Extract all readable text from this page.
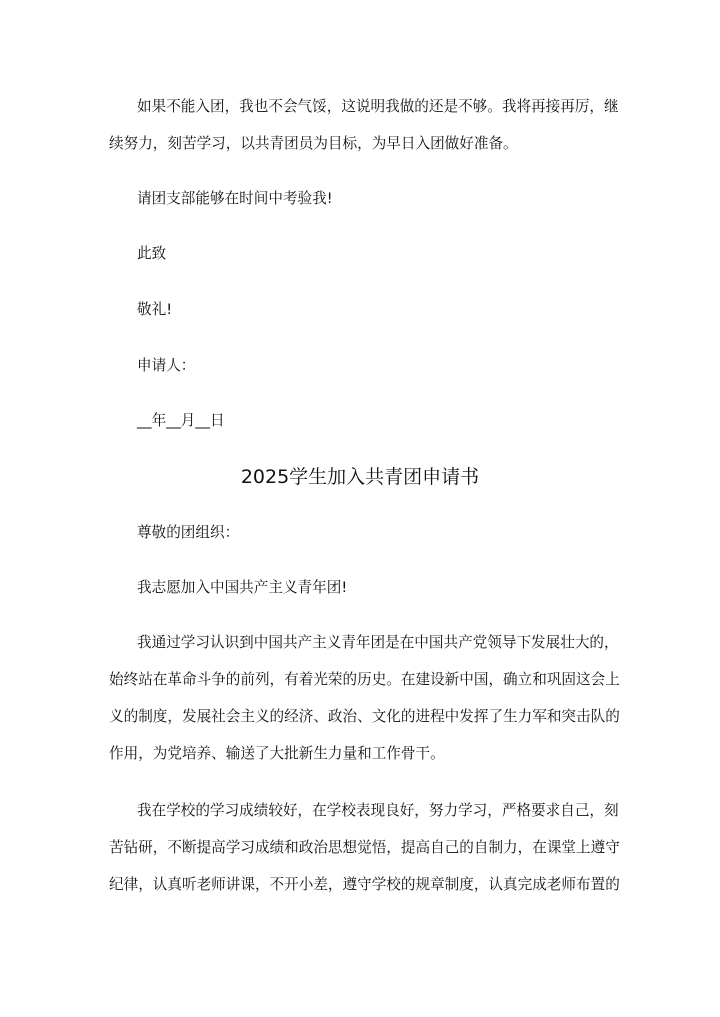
如果不能入团，我也不会气馁，这说明我做的还是不够。我将再接再厉，继
续努力，刻苦学习，以共青团员为目标，为早日入团做好准备。
请团支部能够在时间中考验我!
此致
敬礼!
申请人：
__年__月__日
2025学生加入共青团申请书
尊敬的团组织：
我志愿加入中国共产主义青年团!
我通过学习认识到中国共产主义青年团是在中国共产党领导下发展壮大的，
始终站在革命斗争的前列，有着光荣的历史。在建设新中国，确立和巩固这会上
义的制度，发展社会主义的经济、政治、文化的进程中发挥了生力军和突击队的
作用，为党培养、输送了大批新生力量和工作骨干。
我在学校的学习成绩较好，在学校表现良好，努力学习，严格要求自己，刻
苦钻研，不断提高学习成绩和政治思想觉悟，提高自己的自制力，在课堂上遵守
纪律，认真听老师讲课，不开小差，遵守学校的规章制度，认真完成老师布置的
